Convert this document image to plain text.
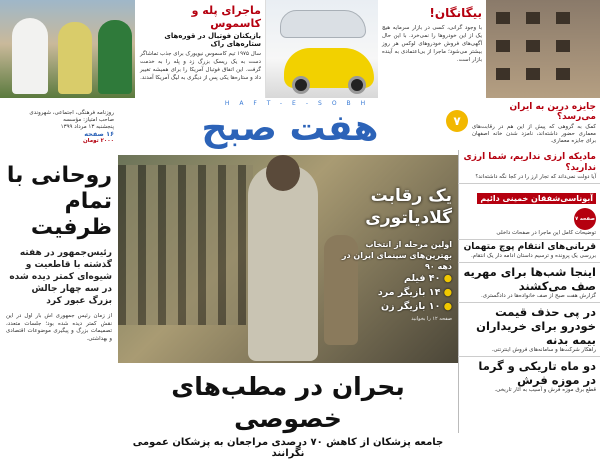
ماجرای پله و کاسموس
بازیکنان فوتبال در قوره‌های ستاره‌های راک

سال ۱۹۷۵ تیم کاسموس نیویورک برای جذب تماشاگر دست به یک ریسک بزرگ زد و پله را به خدمت گرفت. این اتفاق فوتبال آمریکا را برای همیشه تغییر داد و ستاره‌ها یکی پس از دیگری به لیگ آمریکا آمدند.

بیگانگان!

با وجود گرانی، کسی در بازار سرمایه هیچ یک از این خودروها را نمی‌خرد. با این حال آگهی‌های فروش خودروهای لوکس هر روز بیشتر می‌شود؛ ماجرا از بی‌اعتمادی به آینده بازار است.

HAFT-E-SOBH
روزنامه فرهنگی، اجتماعی، شهروندی
صاحب امتیاز: مؤسسه
پنجشنبه ۱۳ مرداد ۱۳۹۹
۱۶ صفحه
۲۰۰۰ تومان	هفت صبح	۷
جایزه درین به ایران می‌رسد؟

کمک به گروهی که پیش از این هم در رقابت‌های معماری حضور داشته‌اند، نامزد شدن خانه اصفهان برای جایزه معماری.

روحانی با تمام ظرفیت
رئیس‌جمهور در هفته گذشته با قاطعیت و شیوه‌ای کمتر دیده شده در سه چهار جالش بزرگ عبور کرد
از زمان رئیس جمهوری اش بار اول در این نقش کمتر دیده شده بود؛ جلسات متعدد، تصمیمات بزرگ و پیگیری موضوعات اقتصادی و بهداشتی.
یک رقابت گلادیاتوری
اولین مرحله از انتخاب بهترین‌های سینمای ایران در دهه ۹۰
● ۴۰ فیلم
● ۱۴ بازیگر مرد
● ۱۰ بازیگر زن
صفحه ۱۲ را بخوانید
بحران در مطب‌های خصوصی
جامعه پزشکان از کاهش ۷۰ درصدی مراجعان به پزشکان عمومی نگرانند
مادیکه ارزی نداریم، شما ارزی ندارید؟

آیا دولت نمی‌داند که تجار ارز را در کجا نگه داشته‌اند؟

آبوناسی‌شفقان خمینی دائیمصفحه ۷

توضیحات کامل این ماجرا در صفحات داخلی

قربانی‌های انتقام پوچ متهمان

بررسی یک پرونده و ترسیم داستان ادامه دار یک انتقام.

اینجا شب‌ها برای مهریه صف می‌کشند

گزارش هفت صبح از صف خانواده‌ها در دادگستری.

در پی حذف قیمت خودرو برای خریداران بیمه بدنه

راهکار شرکت‌ها و سامانه‌های فروش اینترنتی.

دو ماه تاریکی و گرما در موزه فرش

قطع برق موزه فرش و آسیب به آثار تاریخی.
